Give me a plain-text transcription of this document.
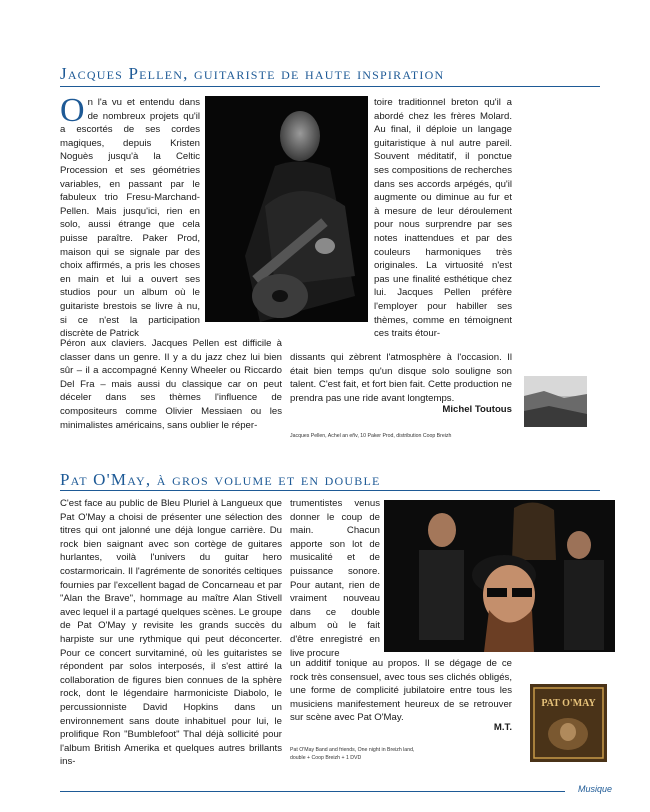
Jacques Pellen, guitariste de haute inspiration

On l'a vu et entendu dans de nombreux projets qu'il a escortés de ses cordes magiques, depuis Kristen Noguès jusqu'à la Celtic Procession et ses géométries variables, en passant par le fabuleux trio Fresu-Marchand-Pellen. Mais jusqu'ici, rien en solo, aussi étrange que cela puisse paraître. Paker Prod, maison qui se signale par des choix affirmés, a pris les choses en main et lui a ouvert ses studios pour un album où le guitariste brestois se livre à nu, si ce n'est la participation discrète de Patrick

Péron aux claviers. Jacques Pellen est difficile à classer dans un genre. Il y a du jazz chez lui bien sûr – il a accompagné Kenny Wheeler ou Riccardo Del Fra – mais aussi du classique car on peut déceler dans ses thèmes l'influence de compositeurs comme Olivier Messiaen ou les minimalistes américains, sans oublier le réper-

toire traditionnel breton qu'il a abordé chez les frères Molard. Au final, il déploie un langage guitaristique à nul autre pareil. Souvent méditatif, il ponctue ses compositions de recherches dans ses accords arpégés, qu'il augmente ou diminue au fur et à mesure de leur déroulement pour nous surprendre par ses notes inattendues et par des couleurs harmoniques très originales. La virtuosité n'est pas une finalité esthétique chez lui. Jacques Pellen préfère l'employer pour habiller ses thèmes, comme en témoignent ces traits étour-

dissants qui zèbrent l'atmosphère à l'occasion. Il était bien temps qu'un disque solo souligne son talent. C'est fait, et fort bien fait. Cette production ne prendra pas une ride avant longtemps.

Michel Toutous
Jacques Pellen, Achel an eñv, 10 Paker Prod, distribution Coop Breizh
Pat O'May, à gros volume et en double

C'est face au public de Bleu Pluriel à Langueux que Pat O'May a choisi de présenter une sélection des titres qui ont jalonné une déjà longue carrière. Du rock bien saignant avec son cortège de guitares hurlantes, voilà l'univers du guitar hero costarmoricain. Il l'agrémente de sonorités celtiques fournies par l'excellent bagad de Concarneau et par "Alan the Brave", hommage au maître Alan Stivell avec lequel il a partagé quelques scènes. Le groupe de Pat O'May y revisite les grands succès du harpiste sur une rythmique qui peut déconcerter. Pour ce concert survitaminé, où les guitaristes se répondent par solos interposés, il s'est attiré la collaboration de figures bien connues de la sphère rock, dont le légendaire harmoniciste Diabolo, le percussionniste David Hopkins dans un environnement sans doute inhabituel pour lui, le prolifique Ron "Bumblefoot" Thal déjà sollicité pour l'album British Amerika et quelques autres brillants ins-

trumentistes venus donner le coup de main. Chacun apporte son lot de musicalité et de puissance sonore. Pour autant, rien de vraiment nouveau dans ce double album où le fait d'être enregistré en live procure

un additif tonique au propos. Il se dégage de ce rock très consensuel, avec tous ses clichés obligés, une forme de complicité jubilatoire entre tous les musiciens manifestement heureux de se retrouver sur scène avec Pat O'May.

M.T.
Pat O'May Band and friends, One night in Breizh land,
double + Coop Breizh + 1 DVD
PAT O'MAY
Musique
